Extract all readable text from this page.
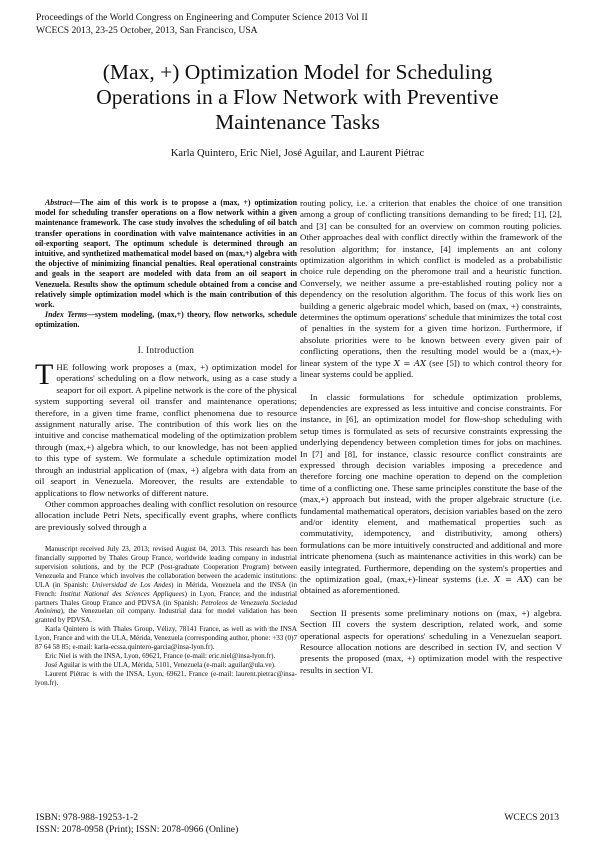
Proceedings of the World Congress on Engineering and Computer Science 2013 Vol II
WCECS 2013, 23-25 October, 2013, San Francisco, USA
(Max, +) Optimization Model for Scheduling
Operations in a Flow Network with Preventive
Maintenance Tasks
Karla Quintero, Eric Niel, José Aguilar, and Laurent Piétrac

Abstract—The aim of this work is to propose a (max, +) optimization model for scheduling transfer operations on a flow network within a given maintenance framework. The case study involves the scheduling of oil batch transfer operations in coordination with valve maintenance activities in an oil-exporting seaport. The optimum schedule is determined through an intuitive, and synthetized mathematical model based on (max,+) algebra with the objective of minimizing financial penalties. Real operational constraints and goals in the seaport are modeled with data from an oil seaport in Venezuela. Results show the optimum schedule obtained from a concise and relatively simple optimization model which is the main contribution of this work.

Index Terms—system modeling, (max,+) theory, flow networks, schedule optimization.

I. Introduction

THE following work proposes a (max, +) optimization model for operations' scheduling on a flow network, using as a case study a seaport for oil export. A pipeline network is the core of the physical system supporting several oil transfer and maintenance operations; therefore, in a given time frame, conflict phenomena due to resource assignment naturally arise. The contribution of this work lies on the intuitive and concise mathematical modeling of the optimization problem through (max,+) algebra which, to our knowledge, has not been applied to this type of system. We formulate a schedule optimization model through an industrial application of (max, +) algebra with data from an oil seaport in Venezuela. Moreover, the results are extendable to applications to flow networks of different nature.

Other common approaches dealing with conflict resolution on resource allocation include Petri Nets, specifically event graphs, where conflicts are previously solved through a

Manuscript received July 23, 2013; revised August 04, 2013. This research has been financially supported by Thales Group France, worldwide leading company in industrial supervision solutions, and by the PCP (Post-graduate Cooperation Program) between Venezuela and France which involves the collaboration between the academic institutions: ULA (in Spanish: Universidad de Los Andes) in Mérida, Venezuela and the INSA (in French: Institut National des Sciences Appliquees) in Lyon, France; and the industrial partners Thales Group France and PDVSA (in Spanish: Petroleos de Venezuela Sociedad Anónima), the Venezuelan oil company. Industrial data for model validation has been granted by PDVSA.

Karla Quintero is with Thales Group, Vélizy, 78141 France, as well as with the INSA Lyon, France and with the ULA, Mérida, Venezuela (corresponding author, phone: +33 (0)7 87 64 58 85; e-mail: karla-ecssa.quintero-garcia@insa-lyon.fr).

Eric Niel is with the INSA, Lyon, 69621, France (e-mail: eric.niel@insa-lyon.fr).

José Aguilar is with the ULA, Mérida, 5101, Venezuela (e-mail: aguilar@ula.ve).

Laurent Piétrac is with the INSA, Lyon, 69621, France (e-mail: laurent.pietrac@insa-lyon.fr).

routing policy, i.e. a criterion that enables the choice of one transition among a group of conflicting transitions demanding to be fired; [1], [2], and [3] can be consulted for an overview on common routing policies. Other approaches deal with conflict directly within the framework of the resolution algorithm; for instance, [4] implements an ant colony optimization algorithm in which conflict is modeled as a probabilistic choice rule depending on the pheromone trail and a heuristic function. Conversely, we neither assume a pre-established routing policy nor a dependency on the resolution algorithm. The focus of this work lies on building a generic algebraic model which, based on (max, +) constraints, determines the optimum operations' schedule that minimizes the total cost of penalties in the system for a given time horizon. Furthermore, if absolute priorities were to be known between every given pair of conflicting operations, then the resulting model would be a (max,+)-linear system of the type X = AX (see [5]) to which control theory for linear systems could be applied.

In classic formulations for schedule optimization problems, dependencies are expressed as less intuitive and concise constraints. For instance, in [6], an optimization model for flow-shop scheduling with setup times is formulated as sets of recursive constraints expressing the underlying dependency between completion times for jobs on machines. In [7] and [8], for instance, classic resource conflict constraints are expressed through decision variables imposing a precedence and therefore forcing one machine operation to depend on the completion time of a conflicting one. These same principles constitute the base of the (max,+) approach but instead, with the proper algebraic structure (i.e. fundamental mathematical operators, decision variables based on the zero and/or identity element, and mathematical properties such as commutativity, idempotency, and distributivity, among others) formulations can be more intuitively constructed and additional and more intricate phenomena (such as maintenance activities in this work) can be easily integrated. Furthermore, depending on the system's properties and the optimization goal, (max,+)-linear systems (i.e. X = AX) can be obtained as aforementioned.

Section II presents some preliminary notions on (max, +) algebra. Section III covers the system description, related work, and some operational aspects for operations' scheduling in a Venezuelan seaport. Resource allocation notions are described in section IV, and section V presents the proposed (max, +) optimization model with the respective results in section VI.

ISBN: 978-988-19253-1-2
ISSN: 2078-0958 (Print); ISSN: 2078-0966 (Online)
WCECS 2013
